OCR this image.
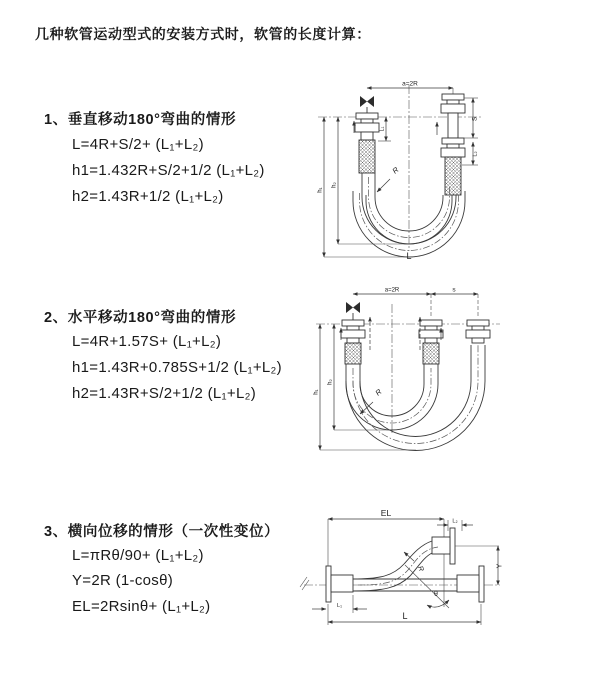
几种软管运动型式的安装方式时，软管的长度计算：
1、垂直移动180°弯曲的情形
L=4R+S/2+ (L₁+L₂)
h1=1.432R+S/2+1/2 (L₁+L₂)
h2=1.43R+1/2 (L₁+L₂)
2、水平移动180°弯曲的情形
L=4R+1.57S+ (L₁+L₂)
h1=1.43R+0.785S+1/2 (L₁+L₂)
h2=1.43R+S/2+1/2 (L₁+L₂)
3、横向位移的情形（一次性变位）
L=πRθ/90+ (L₁+L₂)
Y=2R (1-cosθ)
EL=2Rsinθ+ (L₁+L₂)
a=2R
h₁
h₂
L₁
S
L₂
R
L
a=2R	s
h₁
h₂
R
EL
L₂
R
θ
Y
L₁
L
